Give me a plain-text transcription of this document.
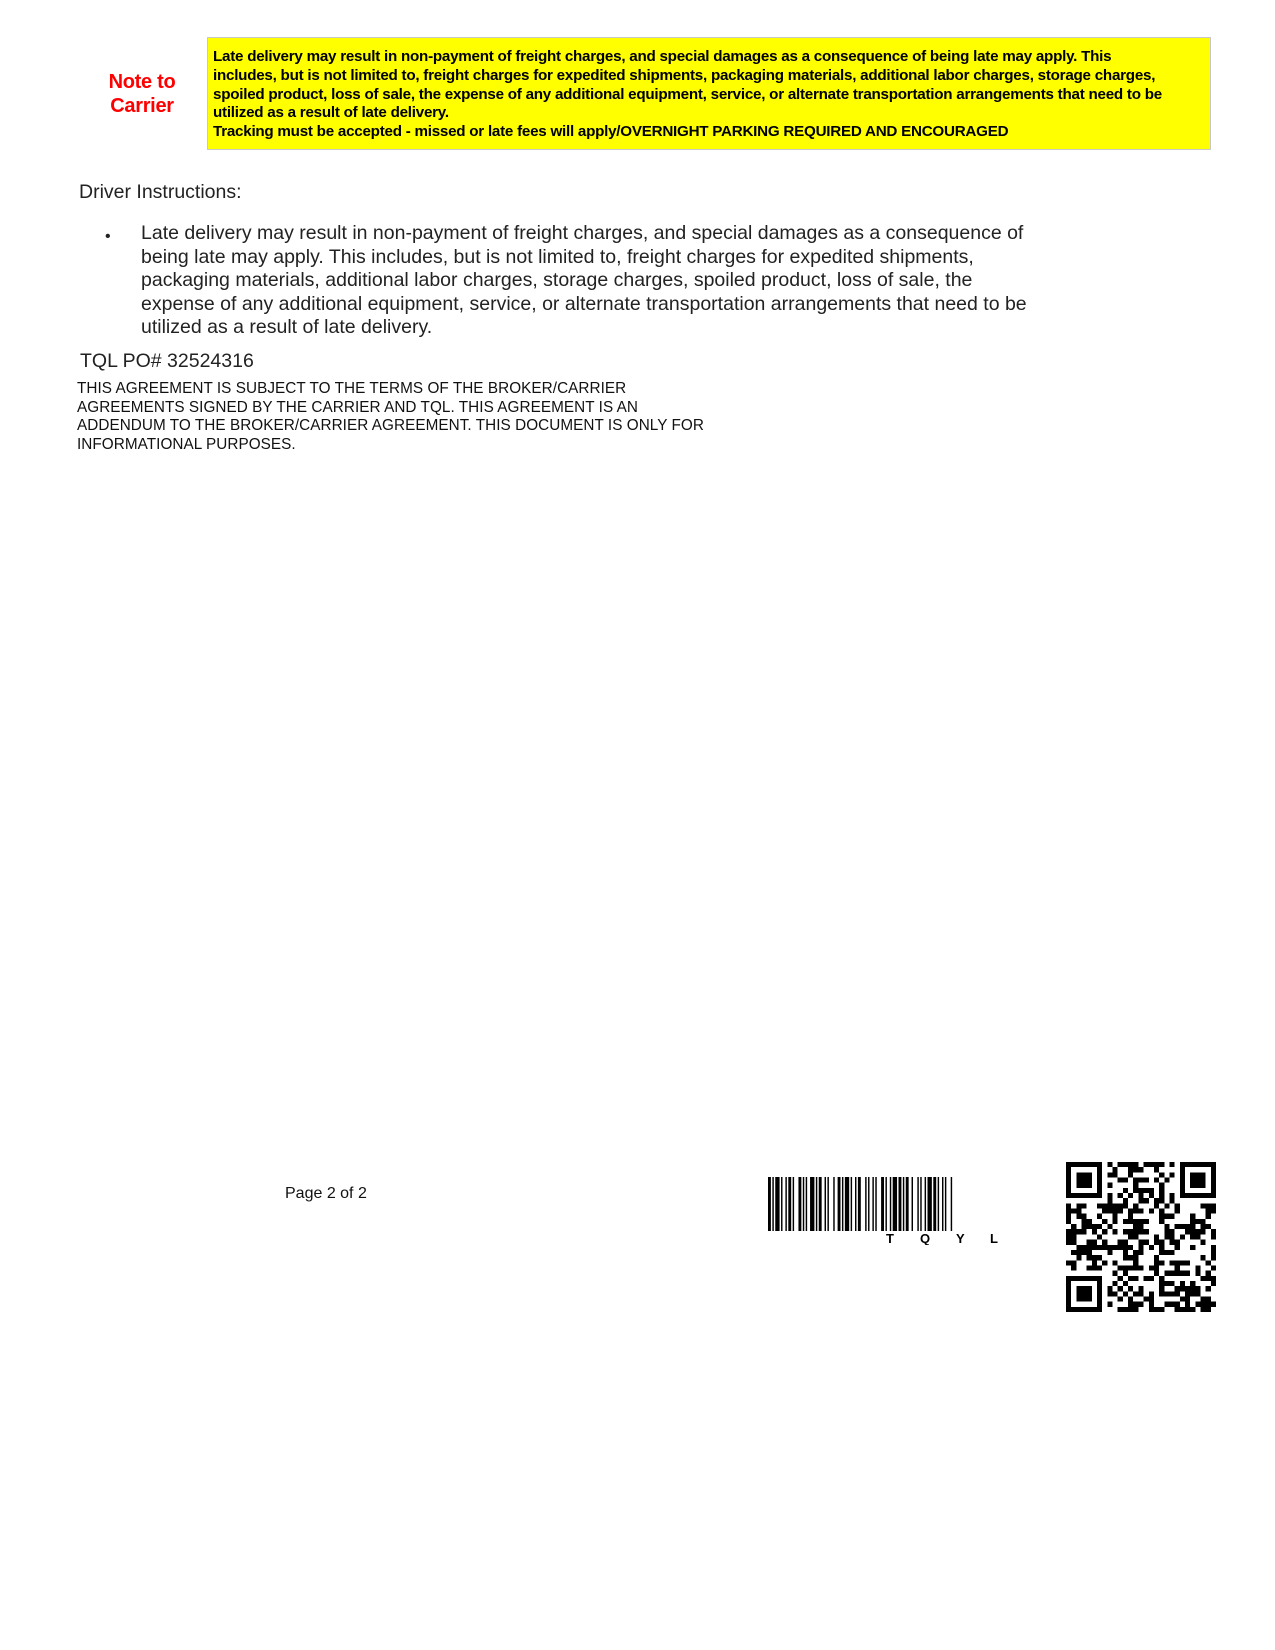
Note to
Carrier

Late delivery may result in non-payment of freight charges, and special damages as a consequence of being late may apply. This

includes, but is not limited to, freight charges for expedited shipments, packaging materials, additional labor charges, storage charges,

spoiled product, loss of sale, the expense of any additional equipment, service, or alternate transportation arrangements that need to be

utilized as a result of late delivery.

Tracking must be accepted - missed or late fees will apply/OVERNIGHT PARKING REQUIRED AND ENCOURAGED

Driver Instructions:
• Late delivery may result in non-payment of freight charges, and special damages as a consequence of
being late may apply. This includes, but is not limited to, freight charges for expedited shipments,
packaging materials, additional labor charges, storage charges, spoiled product, loss of sale, the
expense of any additional equipment, service, or alternate transportation arrangements that need to be
utilized as a result of late delivery.
TQL PO# 32524316
THIS AGREEMENT IS SUBJECT TO THE TERMS OF THE BROKER/CARRIER
AGREEMENTS SIGNED BY THE CARRIER AND TQL. THIS AGREEMENT IS AN
ADDENDUM TO THE BROKER/CARRIER AGREEMENT. THIS DOCUMENT IS ONLY FOR
INFORMATIONAL PURPOSES.
Page 2 of 2
T Q Y L
